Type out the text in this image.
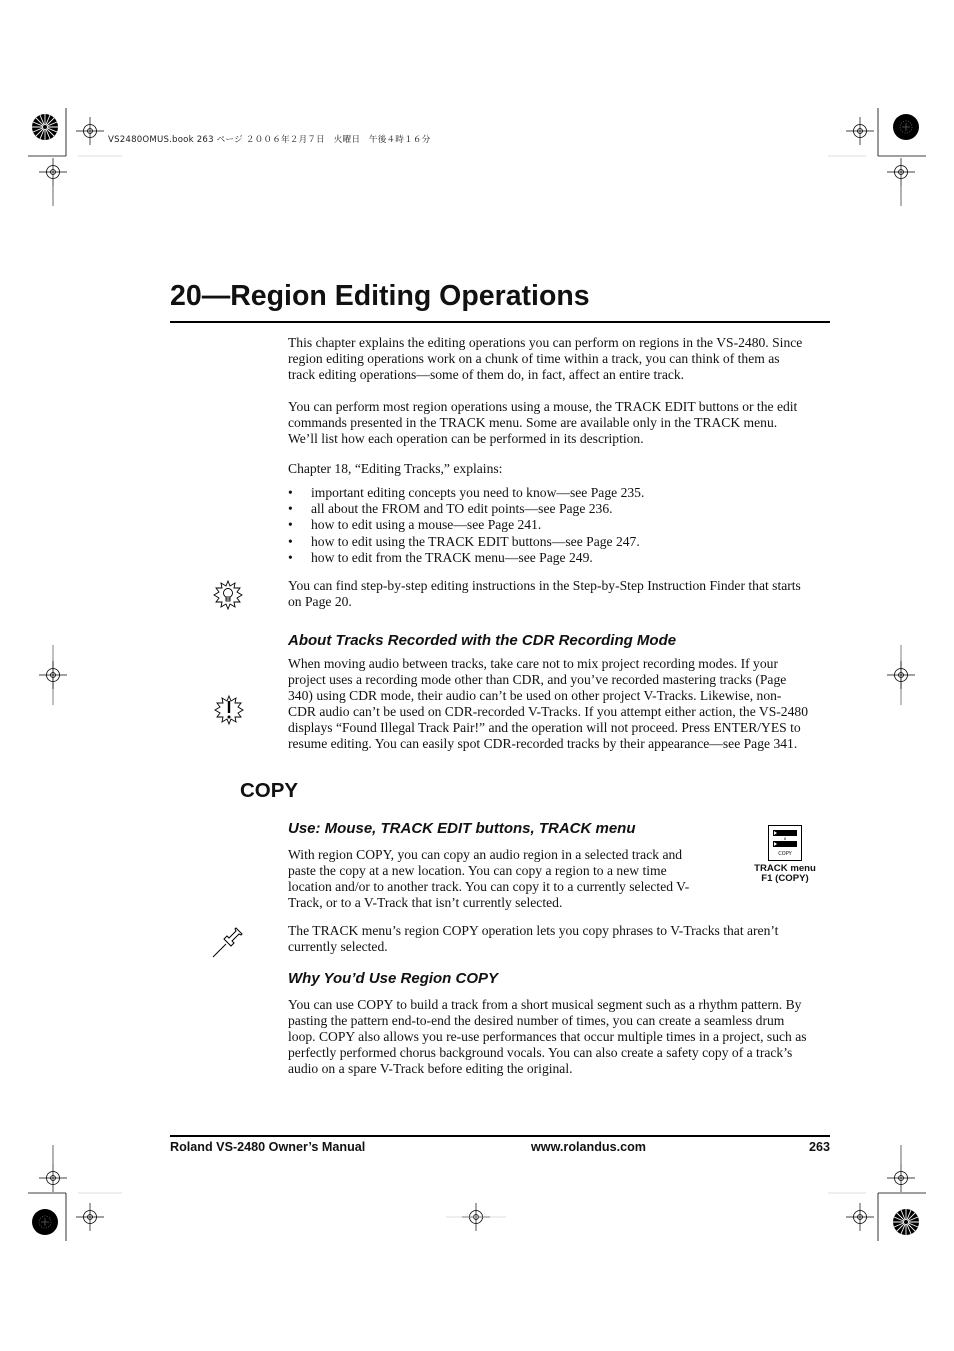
VS2480OMUS.book 263 ページ ２００６年２月７日　火曜日　午後４時１６分
20—Region Editing Operations

This chapter explains the editing operations you can perform on regions in the VS-2480. Since region editing operations work on a chunk of time within a track, you can think of them as track editing operations—some of them do, in fact, affect an entire track.

You can perform most region operations using a mouse, the TRACK EDIT buttons or the edit commands presented in the TRACK menu. Some are available only in the TRACK menu. We’ll list how each operation can be performed in its description.

Chapter 18, “Editing Tracks,” explains:

• important editing concepts you need to know—see Page 235.
• all about the FROM and TO edit points—see Page 236.
• how to edit using a mouse—see Page 241.
• how to edit using the TRACK EDIT buttons—see Page 247.
• how to edit from the TRACK menu—see Page 249.

You can find step-by-step editing instructions in the Step-by-Step Instruction Finder that starts on Page 20.

About Tracks Recorded with the CDR Recording Mode

When moving audio between tracks, take care not to mix project recording modes. If your project uses a recording mode other than CDR, and you’ve recorded mastering tracks (Page 340) using CDR mode, their audio can’t be used on other project V-Tracks. Likewise, non-CDR audio can’t be used on CDR-recorded V-Tracks. If you attempt either action, the VS-2480 displays “Found Illegal Track Pair!” and the operation will not proceed. Press ENTER/YES to resume editing. You can easily spot CDR-recorded tracks by their appearance—see Page 341.

COPY
Use: Mouse, TRACK EDIT buttons, TRACK menu

With region COPY, you can copy an audio region in a selected track and paste the copy at a new location. You can copy a region to a new time location and/or to another track. You can copy it to a currently selected V-Track, or to a V-Track that isn’t currently selected.

COPY
TRACK menu
F1 (COPY)

The TRACK menu’s region COPY operation lets you copy phrases to V-Tracks that aren’t currently selected.

Why You’d Use Region COPY

You can use COPY to build a track from a short musical segment such as a rhythm pattern. By pasting the pattern end-to-end the desired number of times, you can create a seamless drum loop. COPY also allows you re-use performances that occur multiple times in a project, such as perfectly performed chorus background vocals. You can also create a safety copy of a track’s audio on a spare V-Track before editing the original.

Roland VS-2480 Owner’s Manual	www.rolandus.com	263
